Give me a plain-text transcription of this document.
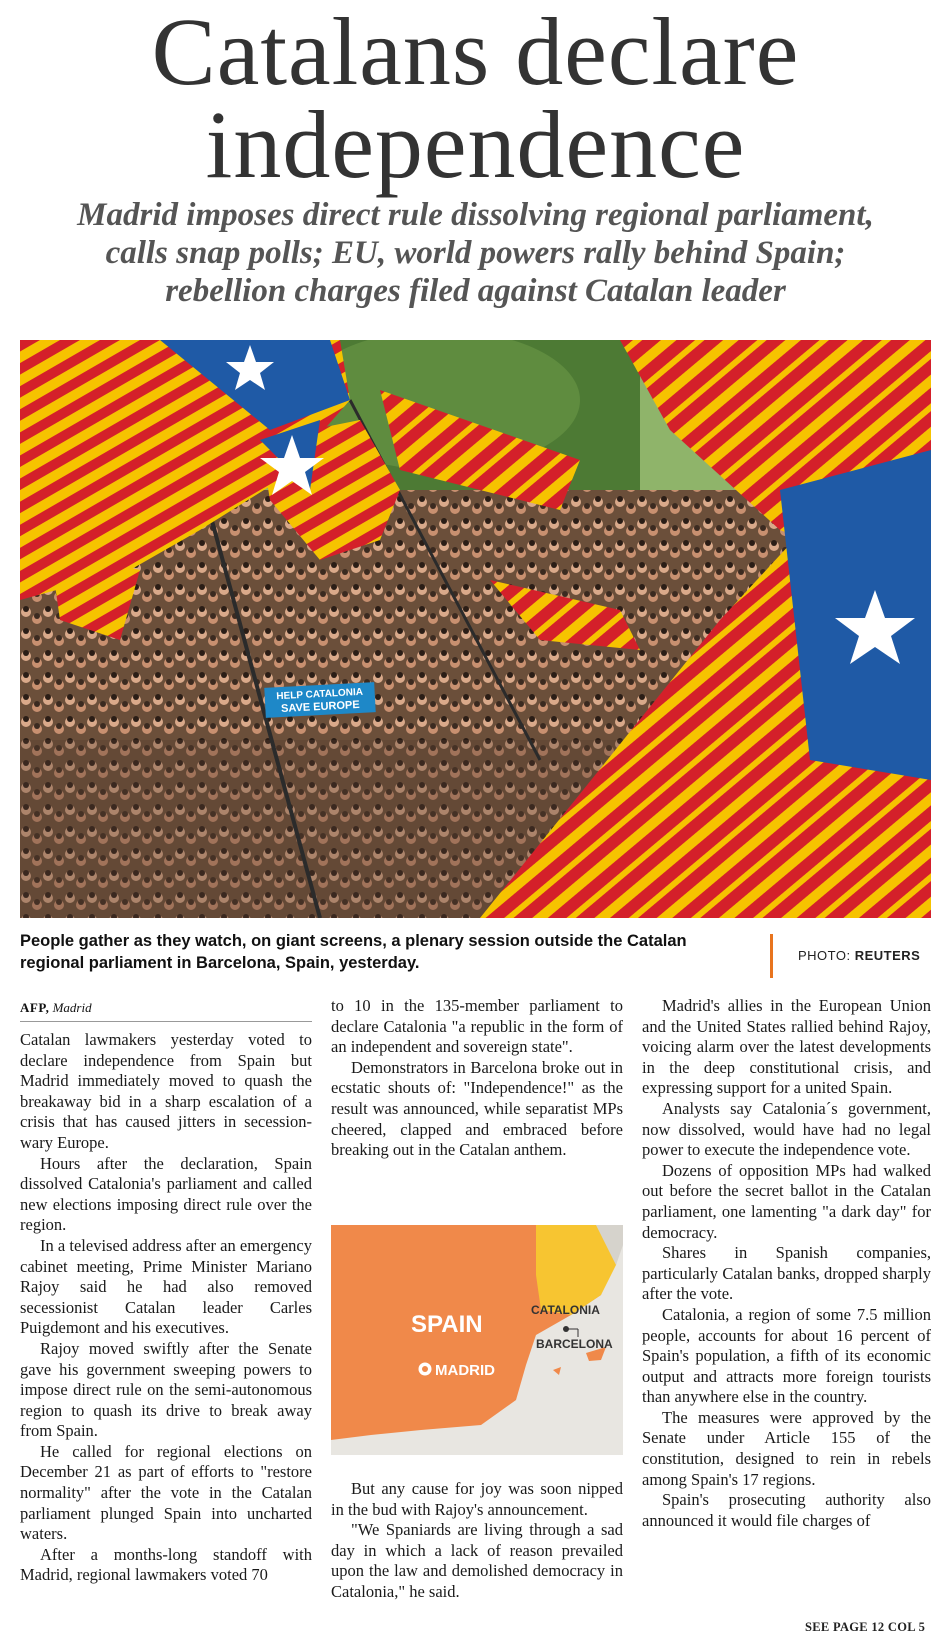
Catalans declare
independence
Madrid imposes direct rule dissolving regional parliament,
calls snap polls; EU, world powers rally behind Spain;
rebellion charges filed against Catalan leader
HELP CATALONIA
SAVE EUROPE
People gather as they watch, on giant screens, a plenary session outside the Catalan regional parliament in Barcelona, Spain, yesterday.	PHOTO: REUTERS
AFP, Madrid

Catalan lawmakers yesterday voted to declare independence from Spain but Madrid immediately moved to quash the breakaway bid in a sharp escalation of a crisis that has caused jitters in secession-wary Europe.

Hours after the declaration, Spain dissolved Catalonia's parliament and called new elections imposing direct rule over the region.

In a televised address after an emergency cabinet meeting, Prime Minister Mariano Rajoy said he had also removed secessionist Catalan leader Carles Puigdemont and his executives.

Rajoy moved swiftly after the Senate gave his government sweeping powers to impose direct rule on the semi-autonomous region to quash its drive to break away from Spain.

He called for regional elections on December 21 as part of efforts to "restore normality" after the vote in the Catalan parliament plunged Spain into uncharted waters.

After a months-long standoff with Madrid, regional lawmakers voted 70

to 10 in the 135-member parliament to declare Catalonia "a republic in the form of an independent and sovereign state".

Demonstrators in Barcelona broke out in ecstatic shouts of: "Independence!" as the result was announced, while separatist MPs cheered, clapped and embraced before breaking out in the Catalan anthem.

SPAIN
MADRID
CATALONIA
BARCELONA

But any cause for joy was soon nipped in the bud with Rajoy's announcement.

"We Spaniards are living through a sad day in which a lack of reason prevailed upon the law and demolished democracy in Catalonia," he said.

Madrid's allies in the European Union and the United States rallied behind Rajoy, voicing alarm over the latest developments in the deep constitutional crisis, and expressing support for a united Spain.

Analysts say Catalonia´s government, now dissolved, would have had no legal power to execute the independence vote.

Dozens of opposition MPs had walked out before the secret ballot in the Catalan parliament, one lamenting "a dark day" for democracy.

Shares in Spanish companies, particularly Catalan banks, dropped sharply after the vote.

Catalonia, a region of some 7.5 million people, accounts for about 16 percent of Spain's population, a fifth of its economic output and attracts more foreign tourists than anywhere else in the country.

The measures were approved by the Senate under Article 155 of the constitution, designed to rein in rebels among Spain's 17 regions.

Spain's prosecuting authority also announced it would file charges of

SEE PAGE 12 COL 5
